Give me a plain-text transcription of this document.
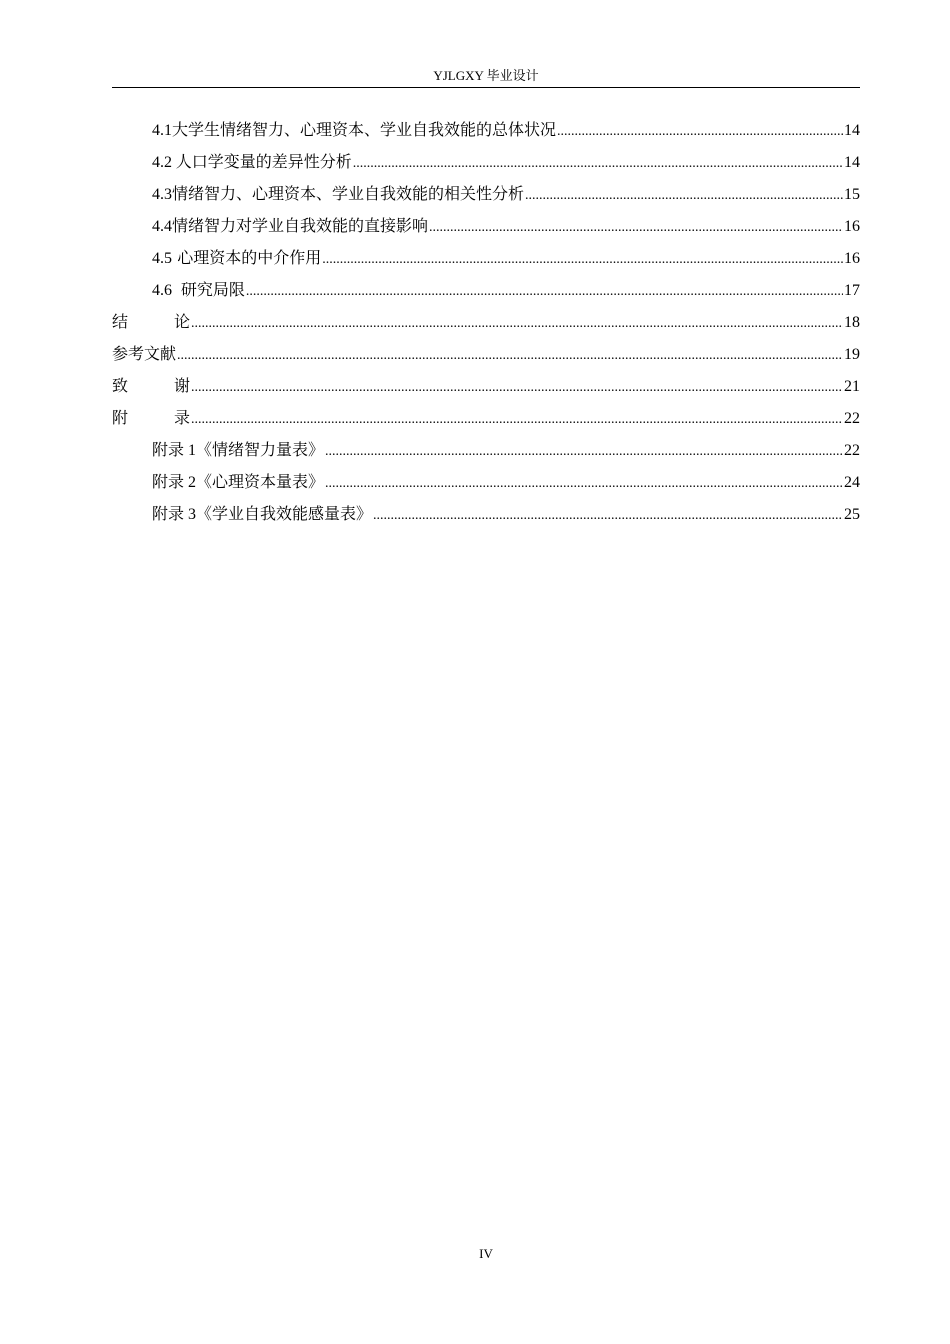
YJLGXY 毕业设计
4.1 大学生情绪智力、心理资本、学业自我效能的总体状况 .....	14
4.2 人口学变量的差异性分析 .....	14
4.3 情绪智力、心理资本、学业自我效能的相关性分析 .....	15
4.4 情绪智力对学业自我效能的直接影响 .....	16
4.5 心理资本的中介作用 .....	16
4.6 研究局限 .....	17
结论 .....	18
参考文献 .....	19
致谢 .....	21
附录 .....	22
附录 1《情绪智力量表》 .....	22
附录 2《心理资本量表》 .....	24
附录 3《学业自我效能感量表》 .....	25
IV
